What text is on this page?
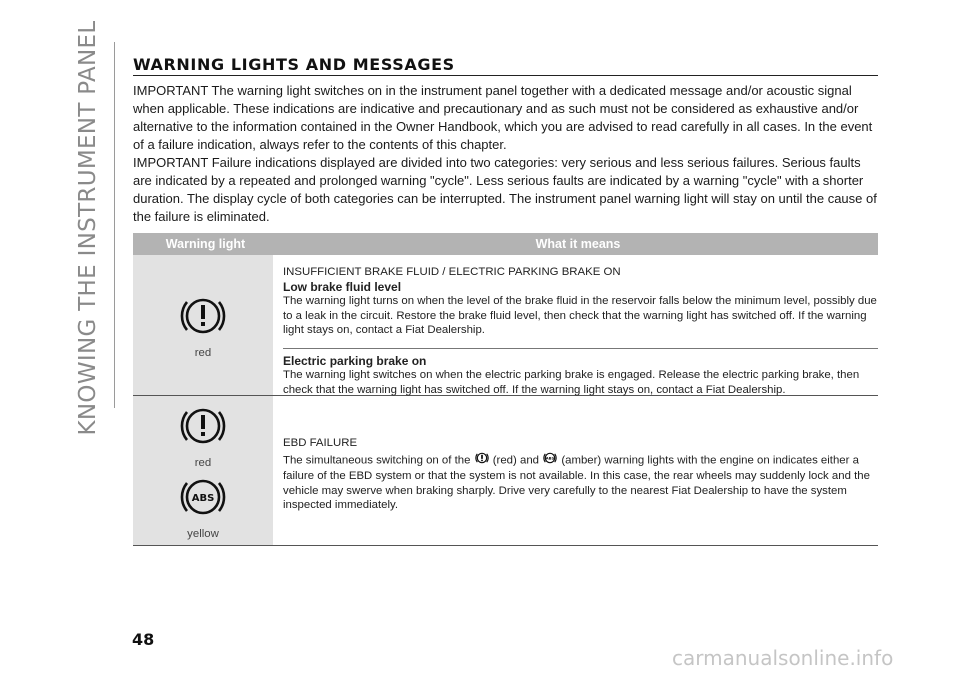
KNOWING THE INSTRUMENT PANEL WARNING LIGHTS AND MESSAGES

IMPORTANT The warning light switches on in the instrument panel together with a dedicated message and/or acoustic signal when applicable. These indications are indicative and precautionary and as such must not be considered as exhaustive and/or alternative to the information contained in the Owner Handbook, which you are advised to read carefully in all cases. In the event of a failure indication, always refer to the contents of this chapter.

IMPORTANT Failure indications displayed are divided into two categories: very serious and less serious failures. Serious faults are indicated by a repeated and prolonged warning "cycle". Less serious faults are indicated by a warning "cycle" with a shorter duration. The display cycle of both categories can be interrupted. The instrument panel warning light will stay on until the cause of the failure is eliminated.

Warning light	What it means
red

INSUFFICIENT BRAKE FLUID / ELECTRIC PARKING BRAKE ON

Low brake fluid level

The warning light turns on when the level of the brake fluid in the reservoir falls below the minimum level, possibly due to a leak in the circuit. Restore the brake fluid level, then check that the warning light has switched off. If the warning light stays on, contact a Fiat Dealership.

Electric parking brake on

The warning light switches on when the electric parking brake is engaged. Release the electric parking brake, then check that the warning light has switched off. If the warning light stays on, contact a Fiat Dealership.

red
ABS
yellow

EBD FAILURE

The simultaneous switching on of the (red) and ABS (amber) warning lights with the engine on indicates either a failure of the EBD system or that the system is not available. In this case, the rear wheels may suddenly lock and the vehicle may swerve when braking sharply. Drive very carefully to the nearest Fiat Dealership to have the system inspected immediately.

48
carmanualsonline.info
